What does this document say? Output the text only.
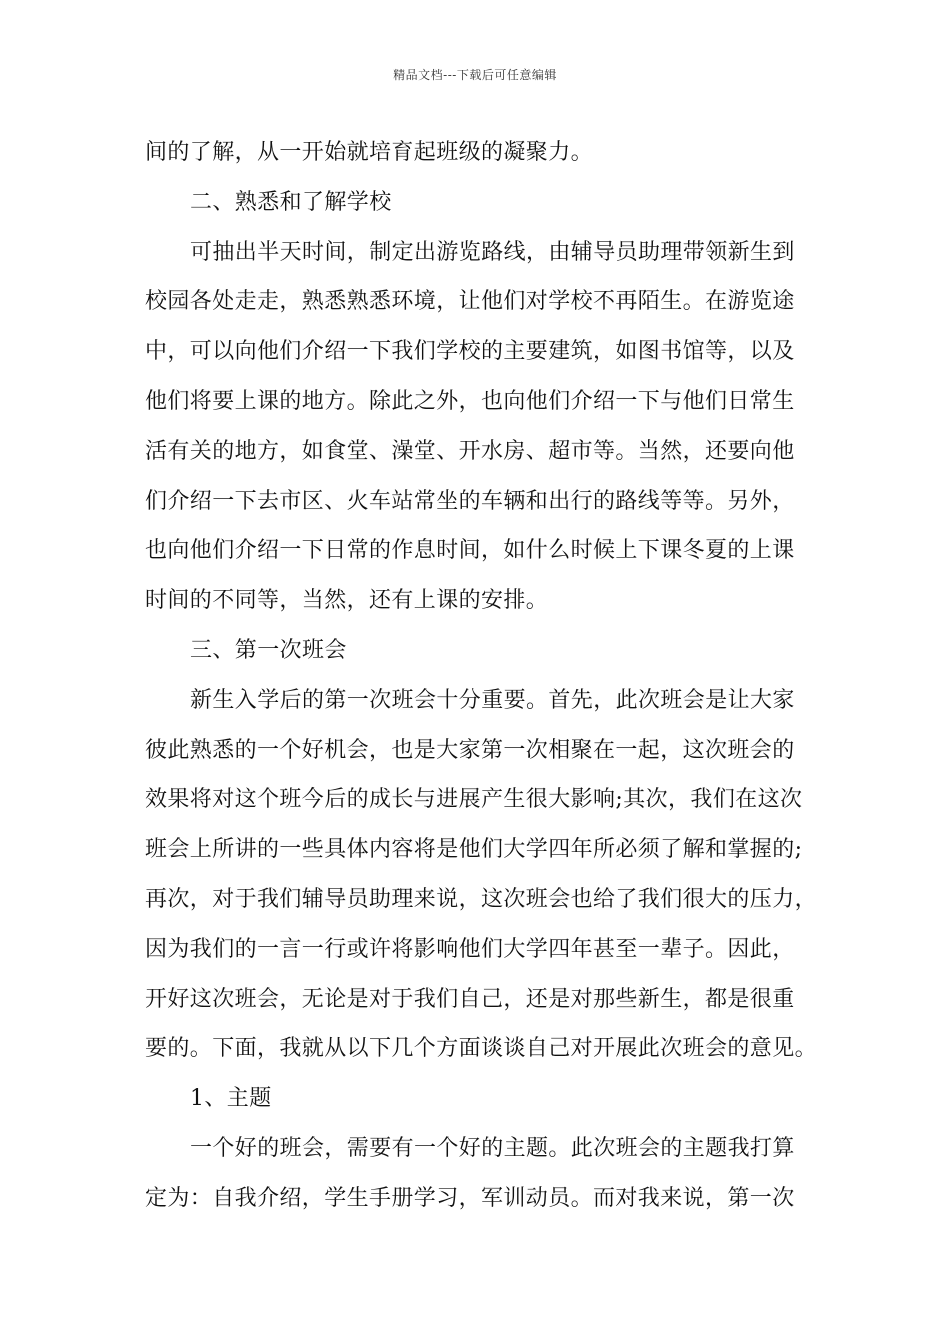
精品文档---下载后可任意编辑
间的了解，从一开始就培育起班级的凝聚力。
二、熟悉和了解学校
可抽出半天时间，制定出游览路线，由辅导员助理带领新生到
校园各处走走，熟悉熟悉环境，让他们对学校不再陌生。在游览途
中，可以向他们介绍一下我们学校的主要建筑，如图书馆等，以及
他们将要上课的地方。除此之外，也向他们介绍一下与他们日常生
活有关的地方，如食堂、澡堂、开水房、超市等。当然，还要向他
们介绍一下去市区、火车站常坐的车辆和出行的路线等等。另外，
也向他们介绍一下日常的作息时间，如什么时候上下课冬夏的上课
时间的不同等，当然，还有上课的安排。
三、第一次班会
新生入学后的第一次班会十分重要。首先，此次班会是让大家
彼此熟悉的一个好机会，也是大家第一次相聚在一起，这次班会的
效果将对这个班今后的成长与进展产生很大影响;其次，我们在这次
班会上所讲的一些具体内容将是他们大学四年所必须了解和掌握的;
再次，对于我们辅导员助理来说，这次班会也给了我们很大的压力，
因为我们的一言一行或许将影响他们大学四年甚至一辈子。因此，
开好这次班会，无论是对于我们自己，还是对那些新生，都是很重
要的。下面，我就从以下几个方面谈谈自己对开展此次班会的意见。
1、主题
一个好的班会，需要有一个好的主题。此次班会的主题我打算
定为：自我介绍，学生手册学习，军训动员。而对我来说，第一次
